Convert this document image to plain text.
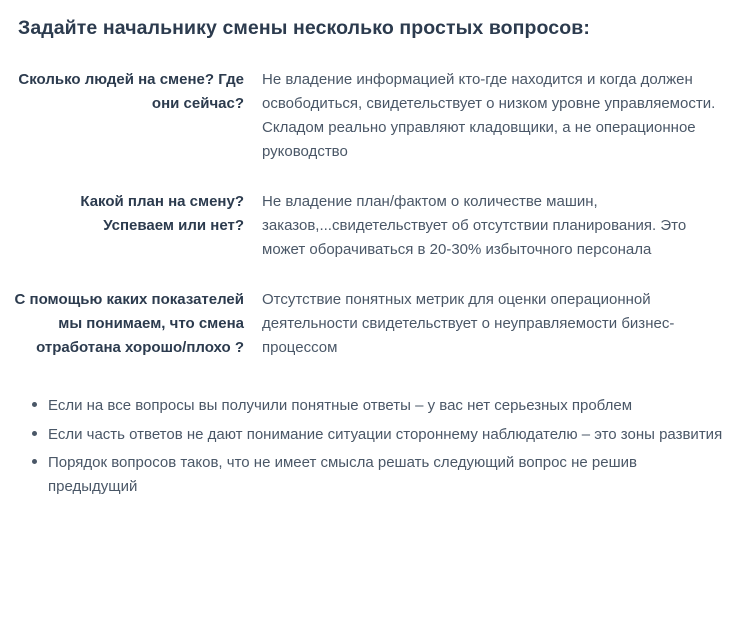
Задайте начальнику смены несколько простых вопросов:
Сколько людей на смене? Где они сейчас?

Не владение информацией кто-где находится и когда должен освободиться, свидетельствует о низком уровне управляемости.

Складом реально управляют кладовщики, а не операционное руководство

Какой план на смену? Успеваем или нет?

Не владение план/фактом о количестве машин, заказов,...свидетельствует об отсутствии планирования. Это может оборачиваться в 20-30% избыточного персонала

С помощью каких показателей мы понимаем, что смена отработана хорошо/плохо ?

Отсутствие понятных метрик для оценки операционной деятельности свидетельствует о неуправляемости бизнес-процессом

Если на все вопросы вы получили понятные ответы – у вас нет серьезных проблем
Если часть ответов не дают понимание ситуации стороннему наблюдателю – это зоны развития
Порядок вопросов таков, что не имеет смысла решать следующий вопрос не решив предыдущий
